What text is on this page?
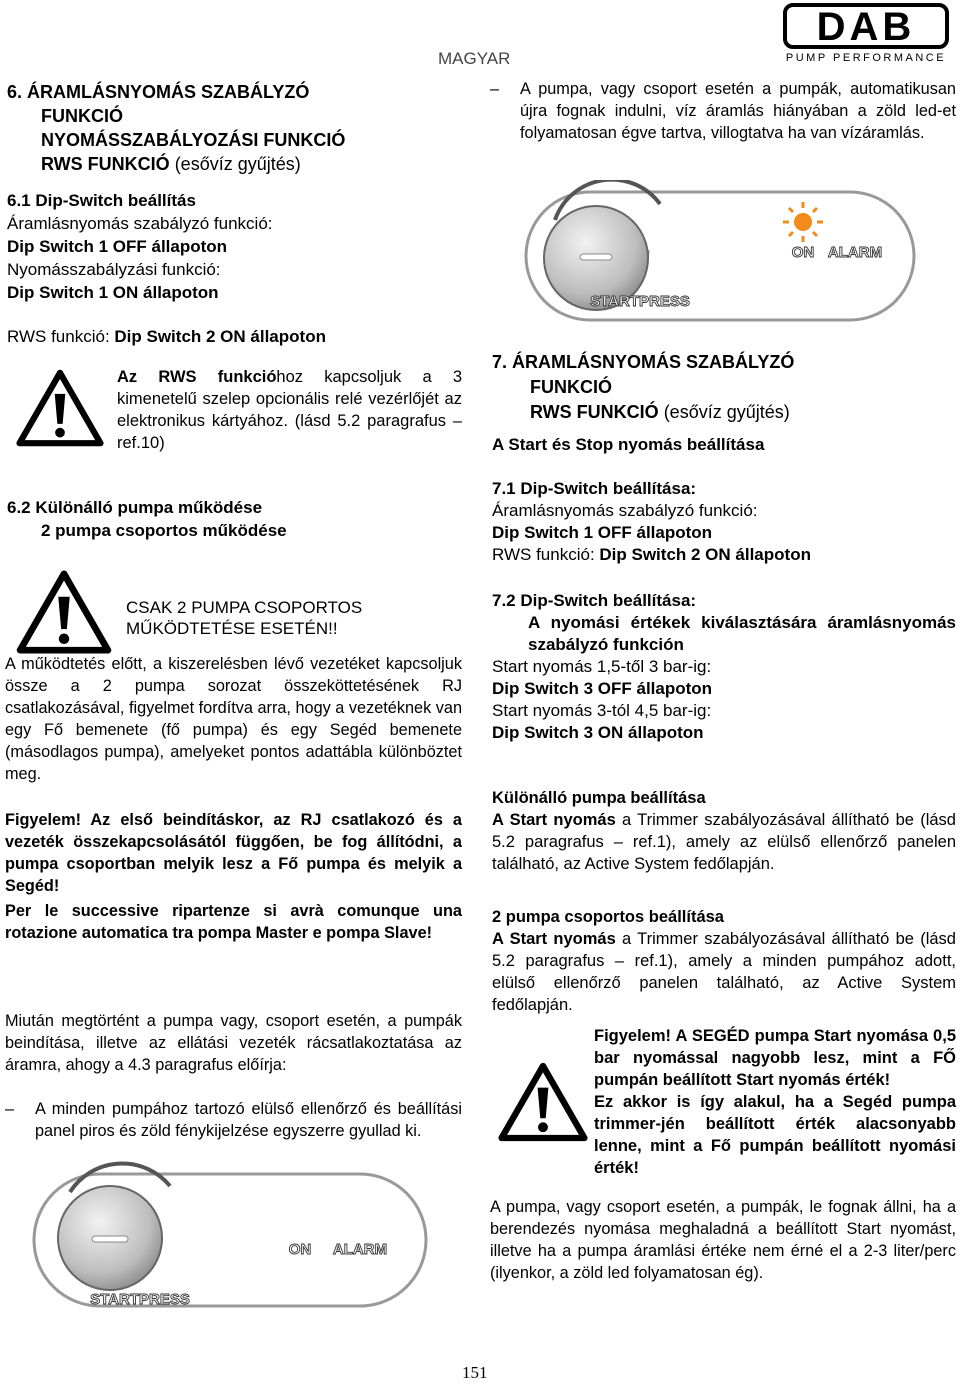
MAGYAR
DAB
PUMP PERFORMANCE
6. ÁRAMLÁSNYOMÁS SZABÁLYZÓ
FUNKCIÓ
NYOMÁSSZABÁLYOZÁSI FUNKCIÓ
RWS FUNKCIÓ (esővíz gyűjtés)
6.1 Dip-Switch beállítás
Áramlásnyomás szabályzó funkció:
Dip Switch 1 OFF állapoton
Nyomásszabályzási funkció:
Dip Switch 1 ON állapoton
RWS funkció: Dip Switch 2 ON állapoton
Az RWS funkcióhoz kapcsoljuk a 3 kimenetelű szelep opcionális relé vezérlőjét az elektronikus kártyához. (lásd 5.2 paragrafus – ref.10)
6.2 Különálló pumpa működése
2 pumpa csoportos működése
CSAK 2 PUMPA CSOPORTOS
MŰKÖDTETÉSE ESETÉN!!
A működtetés előtt, a kiszerelésben lévő vezetéket kapcsoljuk össze a 2 pumpa sorozat összeköttetésének RJ csatlakozásával, figyelmet fordítva arra, hogy a vezetéknek van egy Fő bemenete (fő pumpa) és egy Segéd bemenete (másodlagos pumpa), amelyeket pontos adattábla különböztet meg.
Figyelem! Az első beindításkor, az RJ csatlakozó és a vezeték összekapcsolásától függően, be fog állítódni, a pumpa csoportban melyik lesz a Fő pumpa és melyik a Segéd!
Per le successive ripartenze si avrà comunque una rotazione automatica tra pompa Master e pompa Slave!
Miután megtörtént a pumpa vagy, csoport esetén, a pumpák beindítása, illetve az ellátási vezeték rácsatlakoztatása az áramra, ahogy a 4.3 paragrafus előírja:
– A minden pumpához tartozó elülső ellenőrző és beállítási panel piros és zöld fénykijelzése egyszerre gyullad ki.
ON ALARM
STARTPRESS
– A pumpa, vagy csoport esetén a pumpák, automatikusan újra fognak indulni, víz áramlás hiányában a zöld led-et folyamatosan égve tartva, villogtatva ha van vízáramlás.
ON ALARM
STARTPRESS
7. ÁRAMLÁSNYOMÁS SZABÁLYZÓ
FUNKCIÓ
RWS FUNKCIÓ (esővíz gyűjtés)
A Start és Stop nyomás beállítása
7.1 Dip-Switch beállítása:
Áramlásnyomás szabályzó funkció:
Dip Switch 1 OFF állapoton
RWS funkció: Dip Switch 2 ON állapoton
7.2 Dip-Switch beállítása:
A nyomási értékek kiválasztására áramlásnyomás szabályzó funkción
Start nyomás 1,5-től 3 bar-ig:
Dip Switch 3 OFF állapoton
Start nyomás 3-tól 4,5 bar-ig:
Dip Switch 3 ON állapoton
Különálló pumpa beállítása
A Start nyomás a Trimmer szabályozásával állítható be (lásd 5.2 paragrafus – ref.1), amely az elülső ellenőrző panelen található, az Active System fedőlapján.
2 pumpa csoportos beállítása
A Start nyomás a Trimmer szabályozásával állítható be (lásd 5.2 paragrafus – ref.1), amely a minden pumpához adott, elülső ellenőrző panelen található, az Active System fedőlapján.
Figyelem! A SEGÉD pumpa Start nyomása 0,5 bar nyomással nagyobb lesz, mint a FŐ pumpán beállított Start nyomás érték!
Ez akkor is így alakul, ha a Segéd pumpa trimmer-jén beállított érték alacsonyabb lenne, mint a Fő pumpán beállított nyomási érték!
A pumpa, vagy csoport esetén, a pumpák, le fognak állni, ha a berendezés nyomása meghaladná a beállított Start nyomást, illetve ha a pumpa áramlási értéke nem érné el a 2-3 liter/perc (ilyenkor, a zöld led folyamatosan ég).
151
